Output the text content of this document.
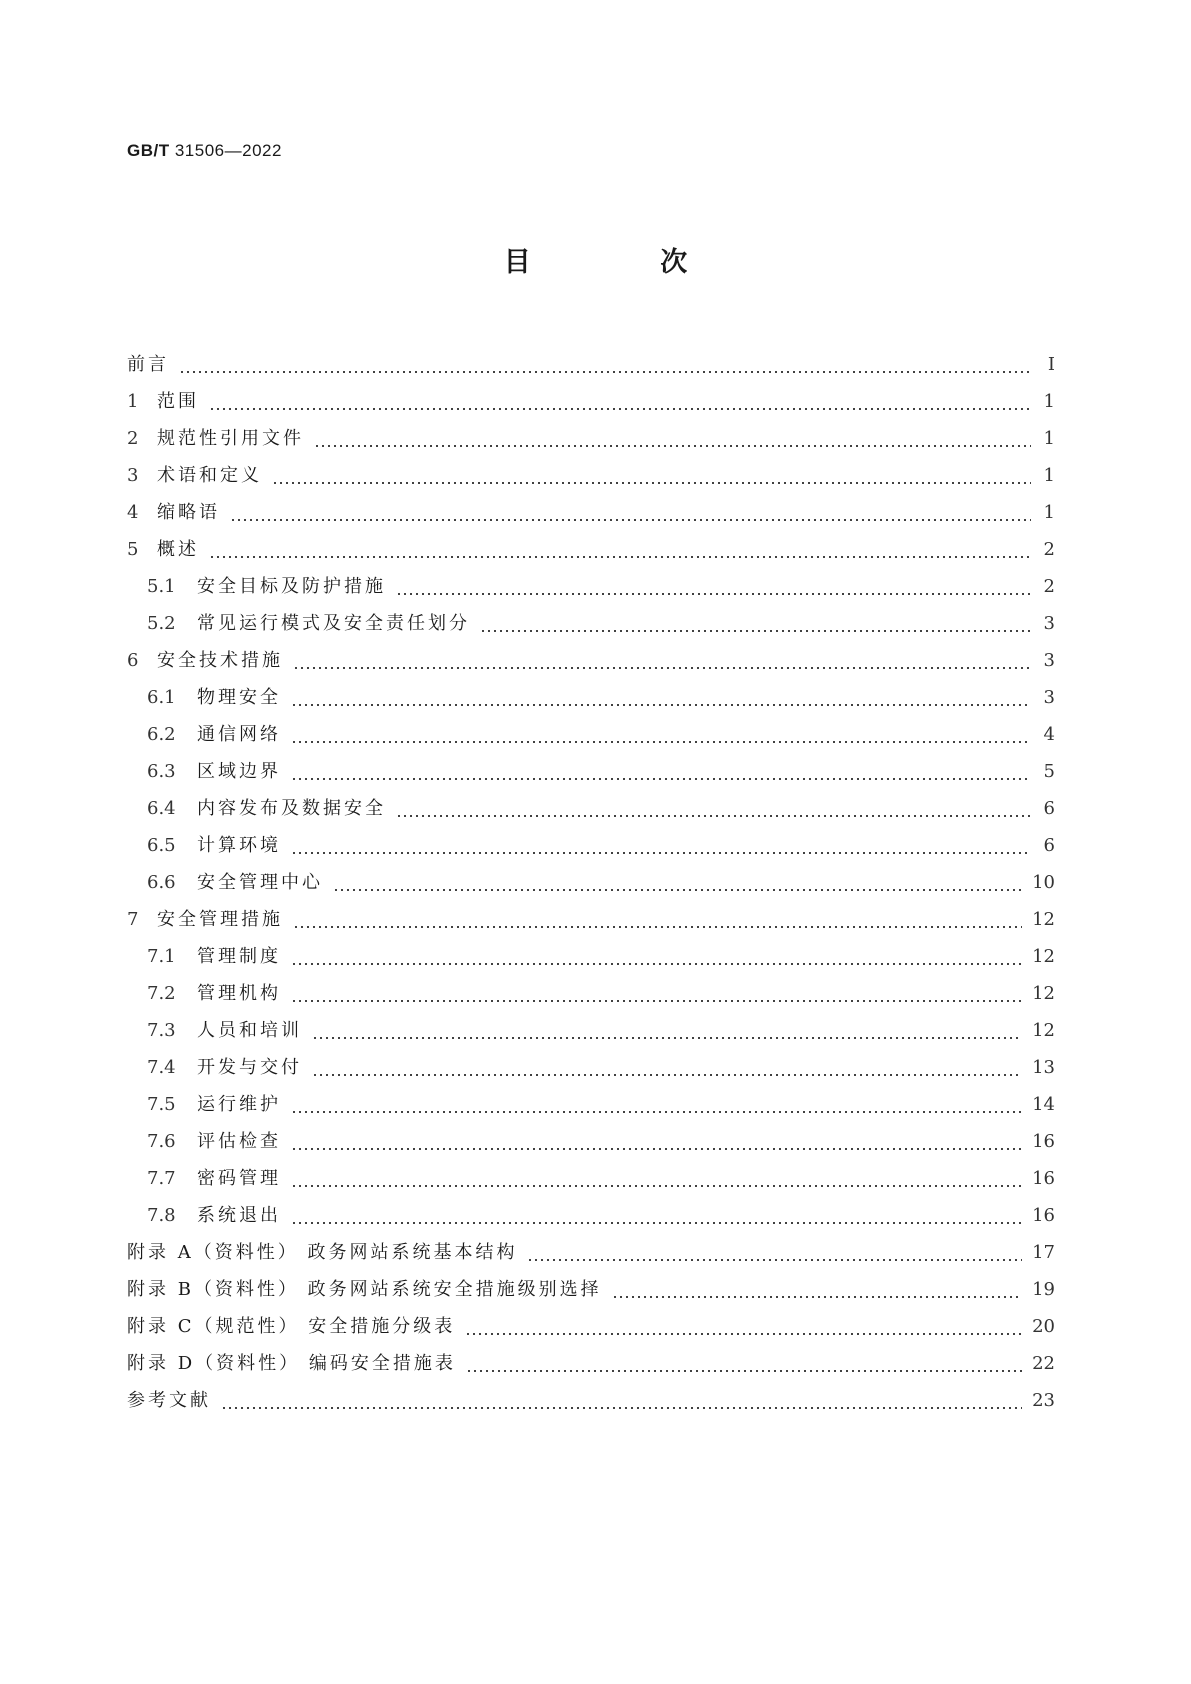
GB/T 31506—2022
目 次
前言	Ⅰ
1	范围	1
2	规范性引用文件	1
3	术语和定义	1
4	缩略语	1
5	概述	2
5.1	安全目标及防护措施	2
5.2	常见运行模式及安全责任划分	3
6	安全技术措施	3
6.1	物理安全	3
6.2	通信网络	4
6.3	区域边界	5
6.4	内容发布及数据安全	6
6.5	计算环境	6
6.6	安全管理中心	10
7	安全管理措施	12
7.1	管理制度	12
7.2	管理机构	12
7.3	人员和培训	12
7.4	开发与交付	13
7.5	运行维护	14
7.6	评估检查	16
7.7	密码管理	16
7.8	系统退出	16
附录 A（资料性） 政务网站系统基本结构	17
附录 B（资料性） 政务网站系统安全措施级别选择	19
附录 C（规范性） 安全措施分级表	20
附录 D（资料性） 编码安全措施表	22
参考文献	23
